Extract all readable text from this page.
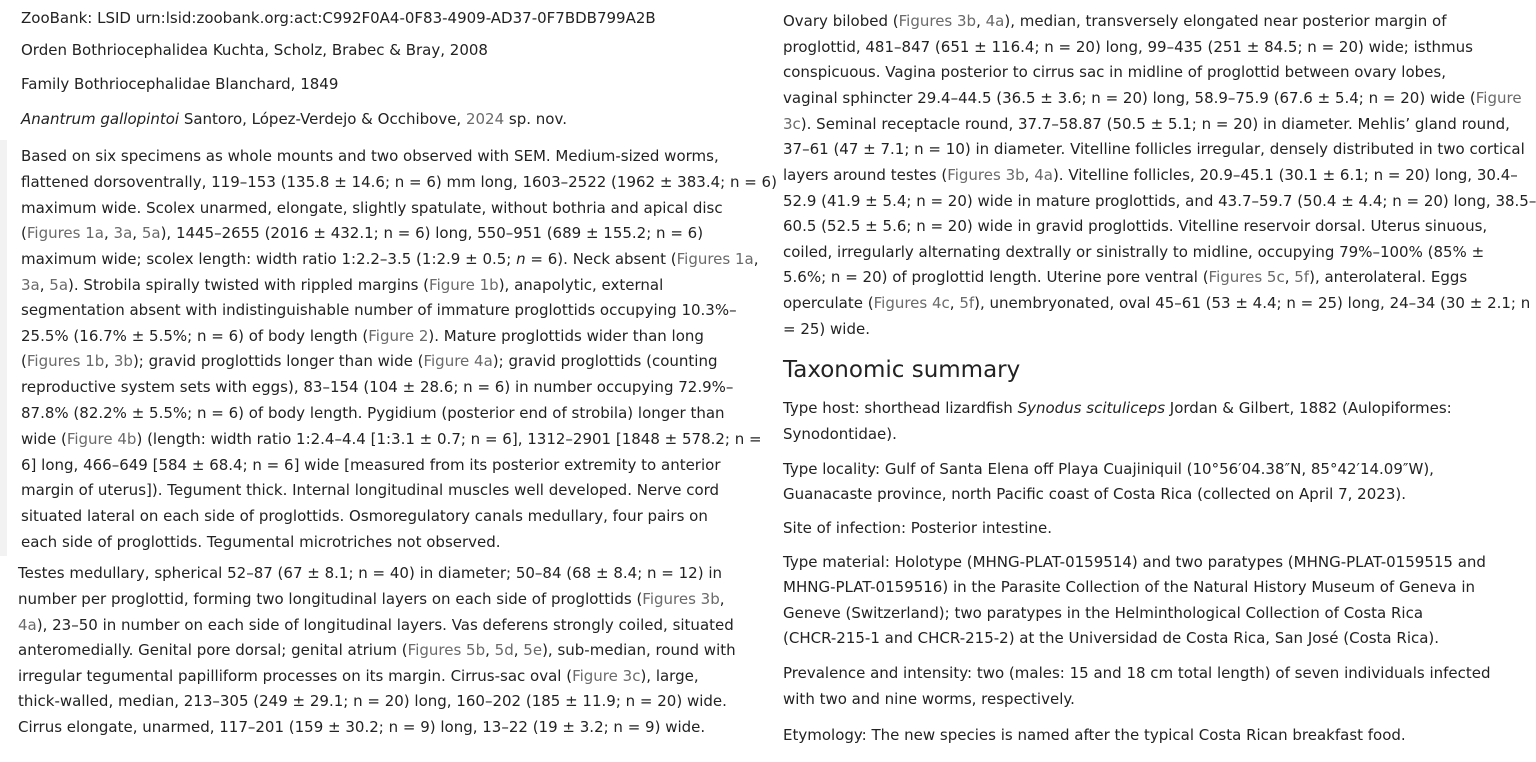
ZooBank: LSID urn:lsid:zoobank.org:act:C992F0A4-0F83-4909-AD37-0F7BDB799A2B
Orden Bothriocephalidea Kuchta, Scholz, Brabec & Bray, 2008
Family Bothriocephalidae Blanchard, 1849
Anantrum gallopintoi Santoro, López-Verdejo & Occhibove, 2024 sp. nov.
Based on six specimens as whole mounts and two observed with SEM. Medium-sized worms,
flattened dorsoventrally, 119–153 (135.8 ± 14.6; n = 6) mm long, 1603–2522 (1962 ± 383.4; n = 6)
maximum wide. Scolex unarmed, elongate, slightly spatulate, without bothria and apical disc
(Figures 1a, 3a, 5a), 1445–2655 (2016 ± 432.1; n = 6) long, 550–951 (689 ± 155.2; n = 6)
maximum wide; scolex length: width ratio 1:2.2–3.5 (1:2.9 ± 0.5; n = 6). Neck absent (Figures 1a,
3a, 5a). Strobila spirally twisted with rippled margins (Figure 1b), anapolytic, external
segmentation absent with indistinguishable number of immature proglottids occupying 10.3%–
25.5% (16.7% ± 5.5%; n = 6) of body length (Figure 2). Mature proglottids wider than long
(Figures 1b, 3b); gravid proglottids longer than wide (Figure 4a); gravid proglottids (counting
reproductive system sets with eggs), 83–154 (104 ± 28.6; n = 6) in number occupying 72.9%–
87.8% (82.2% ± 5.5%; n = 6) of body length. Pygidium (posterior end of strobila) longer than
wide (Figure 4b) (length: width ratio 1:2.4–4.4 [1:3.1 ± 0.7; n = 6], 1312–2901 [1848 ± 578.2; n =
6] long, 466–649 [584 ± 68.4; n = 6] wide [measured from its posterior extremity to anterior
margin of uterus]). Tegument thick. Internal longitudinal muscles well developed. Nerve cord
situated lateral on each side of proglottids. Osmoregulatory canals medullary, four pairs on
each side of proglottids. Tegumental microtriches not observed.
Testes medullary, spherical 52–87 (67 ± 8.1; n = 40) in diameter; 50–84 (68 ± 8.4; n = 12) in
number per proglottid, forming two longitudinal layers on each side of proglottids (Figures 3b,
4a), 23–50 in number on each side of longitudinal layers. Vas deferens strongly coiled, situated
anteromedially. Genital pore dorsal; genital atrium (Figures 5b, 5d, 5e), sub-median, round with
irregular tegumental papilliform processes on its margin. Cirrus-sac oval (Figure 3c), large,
thick-walled, median, 213–305 (249 ± 29.1; n = 20) long, 160–202 (185 ± 11.9; n = 20) wide.
Cirrus elongate, unarmed, 117–201 (159 ± 30.2; n = 9) long, 13–22 (19 ± 3.2; n = 9) wide.
Ovary bilobed (Figures 3b, 4a), median, transversely elongated near posterior margin of
proglottid, 481–847 (651 ± 116.4; n = 20) long, 99–435 (251 ± 84.5; n = 20) wide; isthmus
conspicuous. Vagina posterior to cirrus sac in midline of proglottid between ovary lobes,
vaginal sphincter 29.4–44.5 (36.5 ± 3.6; n = 20) long, 58.9–75.9 (67.6 ± 5.4; n = 20) wide (Figure
3c). Seminal receptacle round, 37.7–58.87 (50.5 ± 5.1; n = 20) in diameter. Mehlis’ gland round,
37–61 (47 ± 7.1; n = 10) in diameter. Vitelline follicles irregular, densely distributed in two cortical
layers around testes (Figures 3b, 4a). Vitelline follicles, 20.9–45.1 (30.1 ± 6.1; n = 20) long, 30.4–
52.9 (41.9 ± 5.4; n = 20) wide in mature proglottids, and 43.7–59.7 (50.4 ± 4.4; n = 20) long, 38.5–
60.5 (52.5 ± 5.6; n = 20) wide in gravid proglottids. Vitelline reservoir dorsal. Uterus sinuous,
coiled, irregularly alternating dextrally or sinistrally to midline, occupying 79%–100% (85% ±
5.6%; n = 20) of proglottid length. Uterine pore ventral (Figures 5c, 5f), anterolateral. Eggs
operculate (Figures 4c, 5f), unembryonated, oval 45–61 (53 ± 4.4; n = 25) long, 24–34 (30 ± 2.1; n
= 25) wide.
Taxonomic summary
Type host: shorthead lizardfish Synodus scituliceps Jordan & Gilbert, 1882 (Aulopiformes:
Synodontidae).
Type locality: Gulf of Santa Elena off Playa Cuajiniquil (10°56′04.38″N, 85°42′14.09″W),
Guanacaste province, north Pacific coast of Costa Rica (collected on April 7, 2023).
Site of infection: Posterior intestine.
Type material: Holotype (MHNG-PLAT-0159514) and two paratypes (MHNG-PLAT-0159515 and
MHNG-PLAT-0159516) in the Parasite Collection of the Natural History Museum of Geneva in
Geneve (Switzerland); two paratypes in the Helminthological Collection of Costa Rica
(CHCR-215-1 and CHCR-215-2) at the Universidad de Costa Rica, San José (Costa Rica).
Prevalence and intensity: two (males: 15 and 18 cm total length) of seven individuals infected
with two and nine worms, respectively.
Etymology: The new species is named after the typical Costa Rican breakfast food.
